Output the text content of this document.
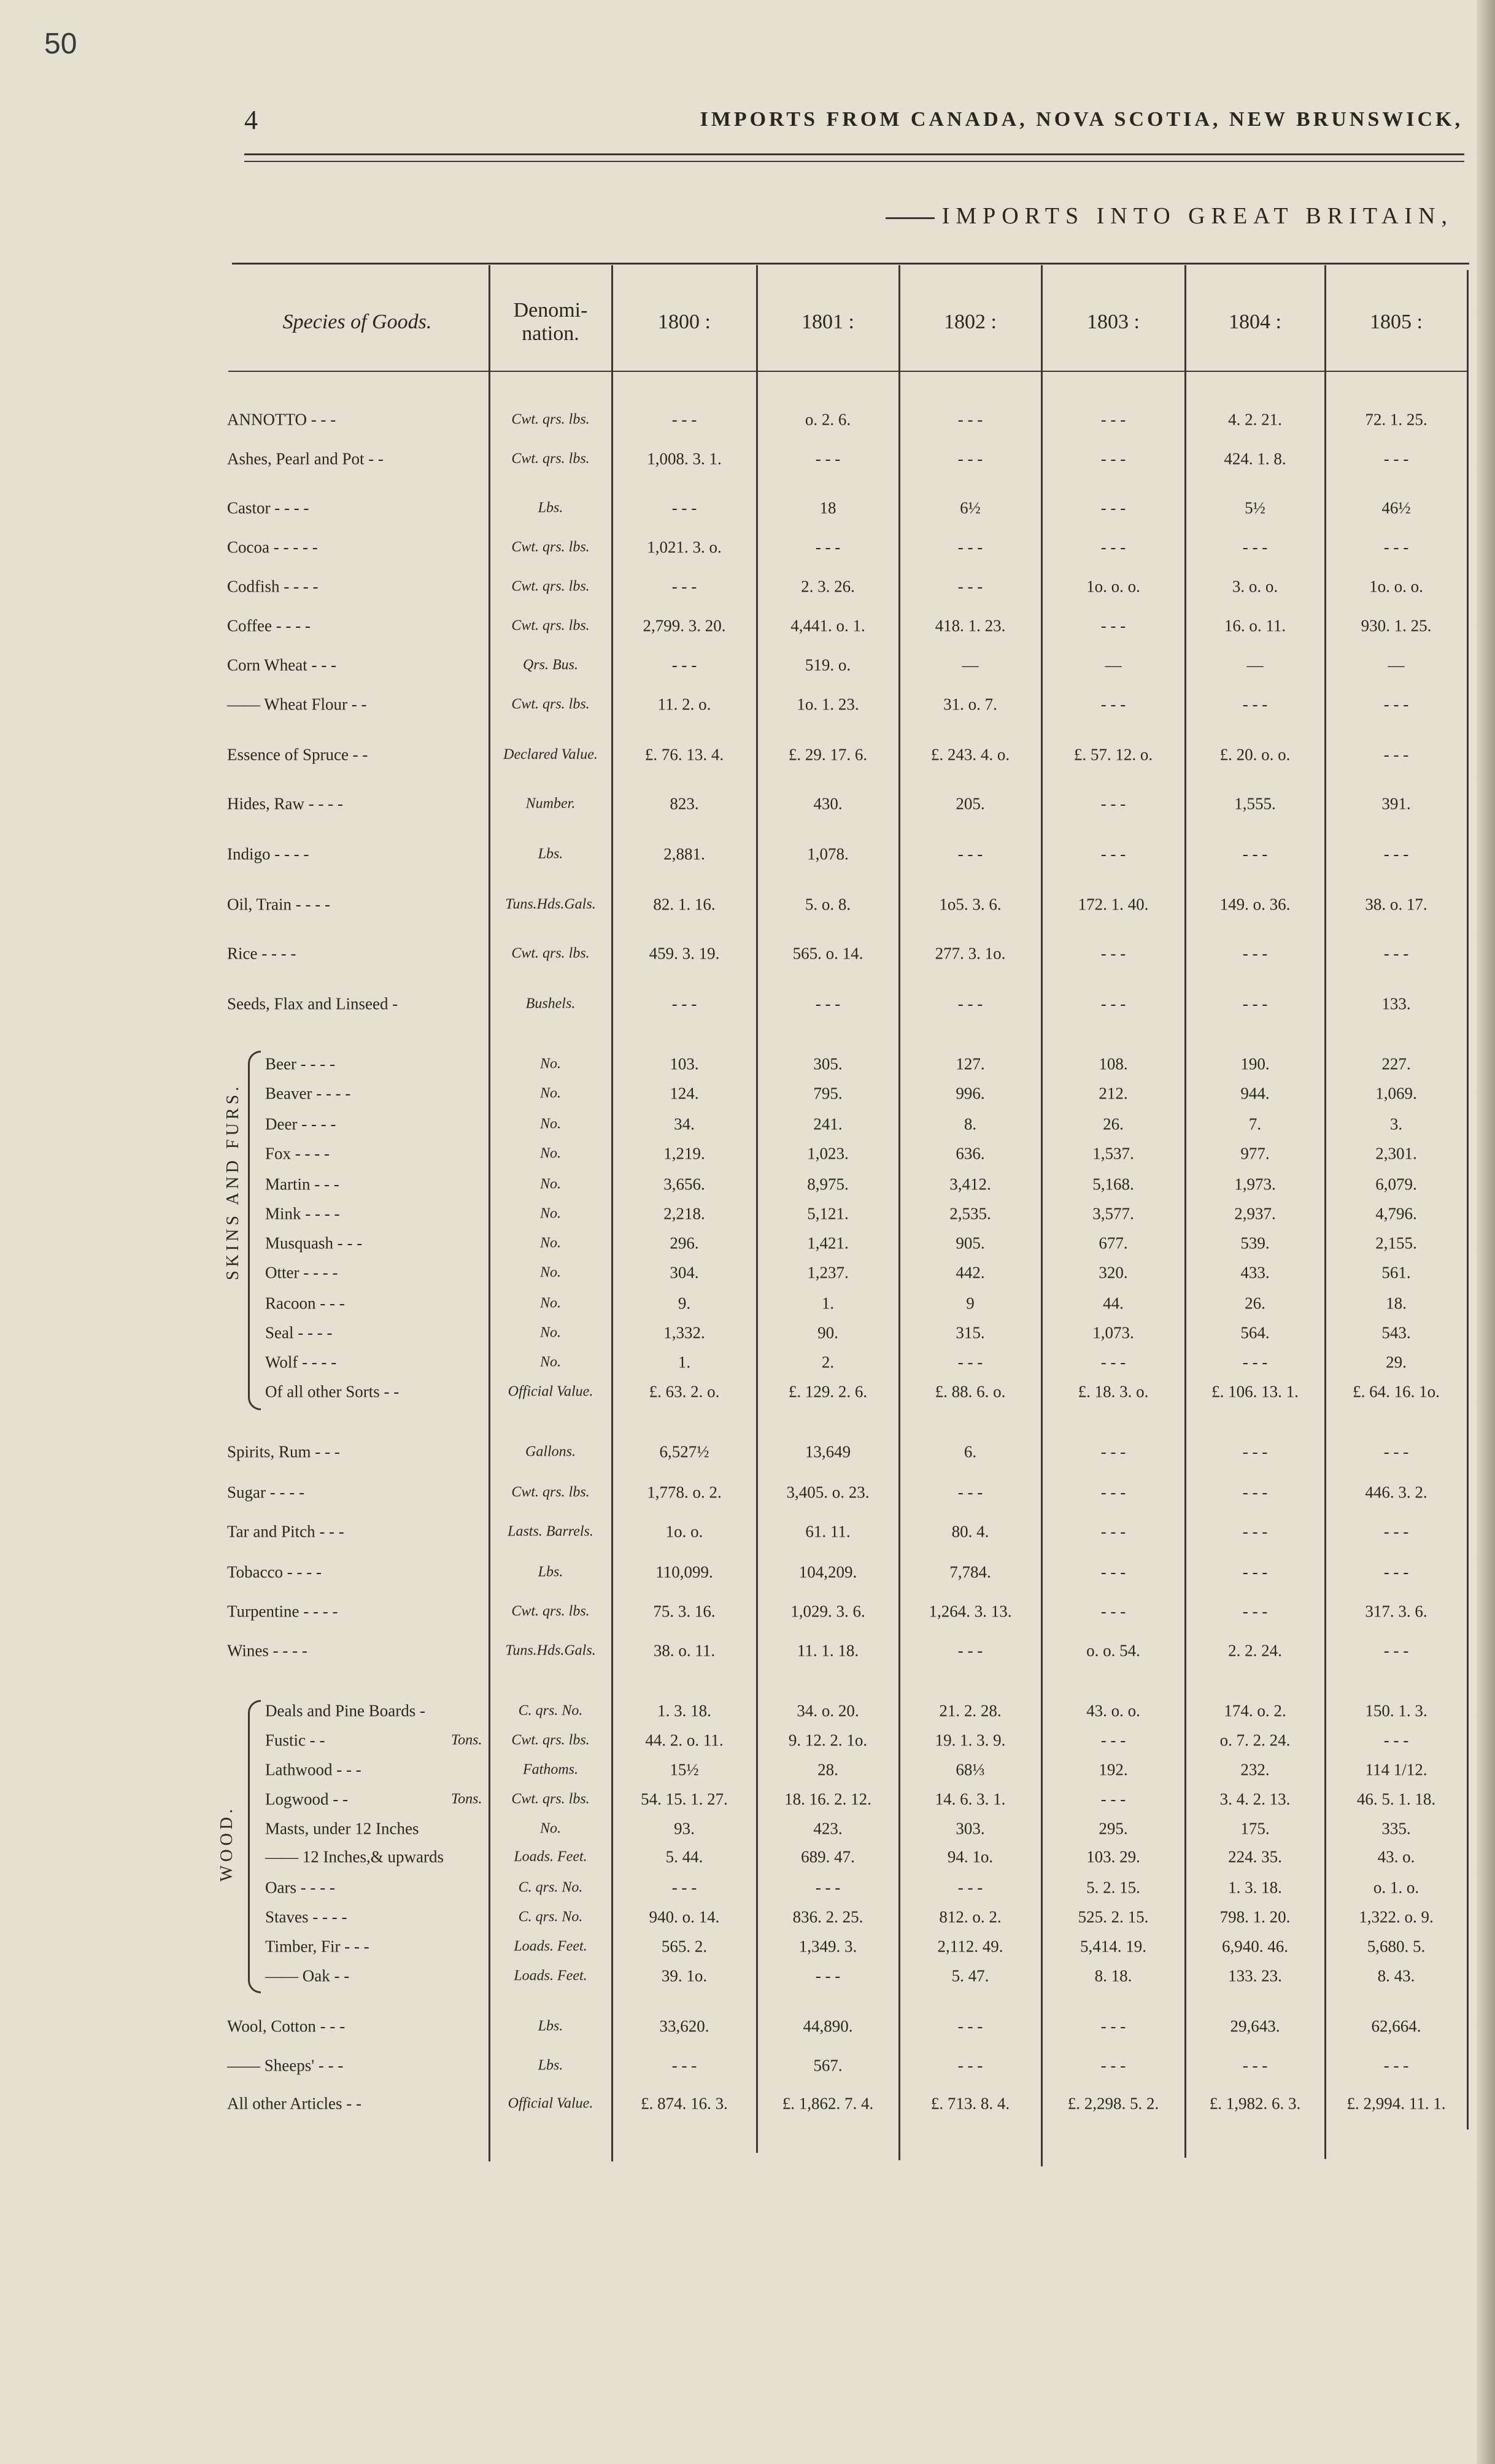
50
4	IMPORTS FROM CANADA, NOVA SCOTIA, NEW BRUNSWICK,
IMPORTS INTO GREAT BRITAIN,
Species of Goods.
Denomi-
nation.
1800 :	1801 :	1802 :	1803 :	1804 :	1805 :
ANNOTTO - - -	Cwt. qrs. lbs.	- - -	o. 2. 6.	- - -	- - -	4. 2. 21.	72. 1. 25.
Ashes, Pearl and Pot - -	Cwt. qrs. lbs.	1,008. 3. 1.	- - -	- - -	- - -	424. 1. 8.	- - -
Castor - - - -	Lbs.	- - -	18	6½	- - -	5½	46½
Cocoa - - - - -	Cwt. qrs. lbs.	1,021. 3. o.	- - -	- - -	- - -	- - -	- - -
Codfish - - - -	Cwt. qrs. lbs.	- - -	2. 3. 26.	- - -	1o. o. o.	3. o. o.	1o. o. o.
Coffee - - - -	Cwt. qrs. lbs.	2,799. 3. 20.	4,441. o. 1.	418. 1. 23.	- - -	16. o. 11.	930. 1. 25.
Corn Wheat - - -	Qrs. Bus.	- - -	519. o.	—	—	—	—
—— Wheat Flour - -	Cwt. qrs. lbs.	11. 2. o.	1o. 1. 23.	31. o. 7.	- - -	- - -	- - -
Essence of Spruce - -	Declared Value.	£. 76. 13. 4.	£. 29. 17. 6.	£. 243. 4. o.	£. 57. 12. o.	£. 20. o. o.	- - -
Hides, Raw - - - -	Number.	823.	430.	205.	- - -	1,555.	391.
Indigo - - - -	Lbs.	2,881.	1,078.	- - -	- - -	- - -	- - -
Oil, Train - - - -	Tuns.Hds.Gals.	82. 1. 16.	5. o. 8.	1o5. 3. 6.	172. 1. 40.	149. o. 36.	38. o. 17.
Rice - - - -	Cwt. qrs. lbs.	459. 3. 19.	565. o. 14.	277. 3. 1o.	- - -	- - -	- - -
Seeds, Flax and Linseed -	Bushels.	- - -	- - -	- - -	- - -	- - -	133.
Beer - - - -	No.	103.	305.	127.	108.	190.	227.
Beaver - - - -	No.	124.	795.	996.	212.	944.	1,069.
Deer - - - -	No.	34.	241.	8.	26.	7.	3.
Fox - - - -	No.	1,219.	1,023.	636.	1,537.	977.	2,301.
Martin - - -	No.	3,656.	8,975.	3,412.	5,168.	1,973.	6,079.
Mink - - - -	No.	2,218.	5,121.	2,535.	3,577.	2,937.	4,796.
Musquash - - -	No.	296.	1,421.	905.	677.	539.	2,155.
Otter - - - -	No.	304.	1,237.	442.	320.	433.	561.
Racoon - - -	No.	9.	1.	9	44.	26.	18.
Seal - - - -	No.	1,332.	90.	315.	1,073.	564.	543.
Wolf - - - -	No.	1.	2.	- - -	- - -	- - -	29.
Of all other Sorts - -	Official Value.	£. 63. 2. o.	£. 129. 2. 6.	£. 88. 6. o.	£. 18. 3. o.	£. 106. 13. 1.	£. 64. 16. 1o.
Spirits, Rum - - -	Gallons.	6,527½	13,649	6.	- - -	- - -	- - -
Sugar - - - -	Cwt. qrs. lbs.	1,778. o. 2.	3,405. o. 23.	- - -	- - -	- - -	446. 3. 2.
Tar and Pitch - - -	Lasts. Barrels.	1o. o.	61. 11.	80. 4.	- - -	- - -	- - -
Tobacco - - - -	Lbs.	110,099.	104,209.	7,784.	- - -	- - -	- - -
Turpentine - - - -	Cwt. qrs. lbs.	75. 3. 16.	1,029. 3. 6.	1,264. 3. 13.	- - -	- - -	317. 3. 6.
Wines - - - -	Tuns.Hds.Gals.	38. o. 11.	11. 1. 18.	- - -	o. o. 54.	2. 2. 24.	- - -
Deals and Pine Boards -	C. qrs. No.	1. 3. 18.	34. o. 20.	21. 2. 28.	43. o. o.	174. o. 2.	150. 1. 3.
Fustic - -	Tons.	Cwt. qrs. lbs.	44. 2. o. 11.	9. 12. 2. 1o.	19. 1. 3. 9.	- - -	o. 7. 2. 24.	- - -
Lathwood - - -	Fathoms.	15½	28.	68⅓	192.	232.	114 1/12.
Logwood - -	Tons.	Cwt. qrs. lbs.	54. 15. 1. 27.	18. 16. 2. 12.	14. 6. 3. 1.	- - -	3. 4. 2. 13.	46. 5. 1. 18.
Masts, under 12 Inches	No.	93.	423.	303.	295.	175.	335.
—— 12 Inches,& upwards	Loads. Feet.	5. 44.	689. 47.	94. 1o.	103. 29.	224. 35.	43. o.
Oars - - - -	C. qrs. No.	- - -	- - -	- - -	5. 2. 15.	1. 3. 18.	o. 1. o.
Staves - - - -	C. qrs. No.	940. o. 14.	836. 2. 25.	812. o. 2.	525. 2. 15.	798. 1. 20.	1,322. o. 9.
Timber, Fir - - -	Loads. Feet.	565. 2.	1,349. 3.	2,112. 49.	5,414. 19.	6,940. 46.	5,680. 5.
—— Oak - -	Loads. Feet.	39. 1o.	- - -	5. 47.	8. 18.	133. 23.	8. 43.
Wool, Cotton - - -	Lbs.	33,620.	44,890.	- - -	- - -	29,643.	62,664.
—— Sheeps' - - -	Lbs.	- - -	567.	- - -	- - -	- - -	- - -
All other Articles - -	Official Value.	£. 874. 16. 3.	£. 1,862. 7. 4.	£. 713. 8. 4.	£. 2,298. 5. 2.	£. 1,982. 6. 3.	£. 2,994. 11. 1.
SKINS AND FURS.
WOOD.
